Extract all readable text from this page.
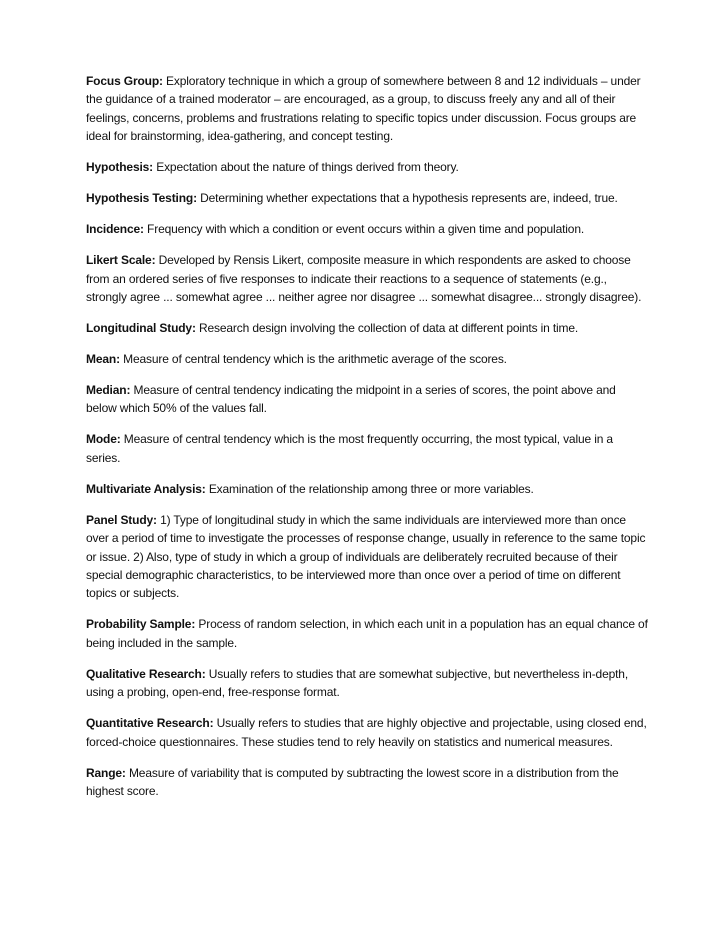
Focus Group: Exploratory technique in which a group of somewhere between 8 and 12 individuals – under the guidance of a trained moderator – are encouraged, as a group, to discuss freely any and all of their feelings, concerns, problems and frustrations relating to specific topics under discussion. Focus groups are ideal for brainstorming, idea-gathering, and concept testing.

Hypothesis: Expectation about the nature of things derived from theory.

Hypothesis Testing: Determining whether expectations that a hypothesis represents are, indeed, true.

Incidence: Frequency with which a condition or event occurs within a given time and population.

Likert Scale: Developed by Rensis Likert, composite measure in which respondents are asked to choose from an ordered series of five responses to indicate their reactions to a sequence of statements (e.g., strongly agree ... somewhat agree ... neither agree nor disagree ... somewhat disagree... strongly disagree).

Longitudinal Study: Research design involving the collection of data at different points in time.

Mean: Measure of central tendency which is the arithmetic average of the scores.

Median: Measure of central tendency indicating the midpoint in a series of scores, the point above and below which 50% of the values fall.

Mode: Measure of central tendency which is the most frequently occurring, the most typical, value in a series.

Multivariate Analysis: Examination of the relationship among three or more variables.

Panel Study: 1) Type of longitudinal study in which the same individuals are interviewed more than once over a period of time to investigate the processes of response change, usually in reference to the same topic or issue. 2) Also, type of study in which a group of individuals are deliberately recruited because of their special demographic characteristics, to be interviewed more than once over a period of time on different topics or subjects.

Probability Sample: Process of random selection, in which each unit in a population has an equal chance of being included in the sample.

Qualitative Research: Usually refers to studies that are somewhat subjective, but nevertheless in-depth, using a probing, open-end, free-response format.

Quantitative Research: Usually refers to studies that are highly objective and projectable, using closed end, forced-choice questionnaires. These studies tend to rely heavily on statistics and numerical measures.

Range: Measure of variability that is computed by subtracting the lowest score in a distribution from the highest score.
